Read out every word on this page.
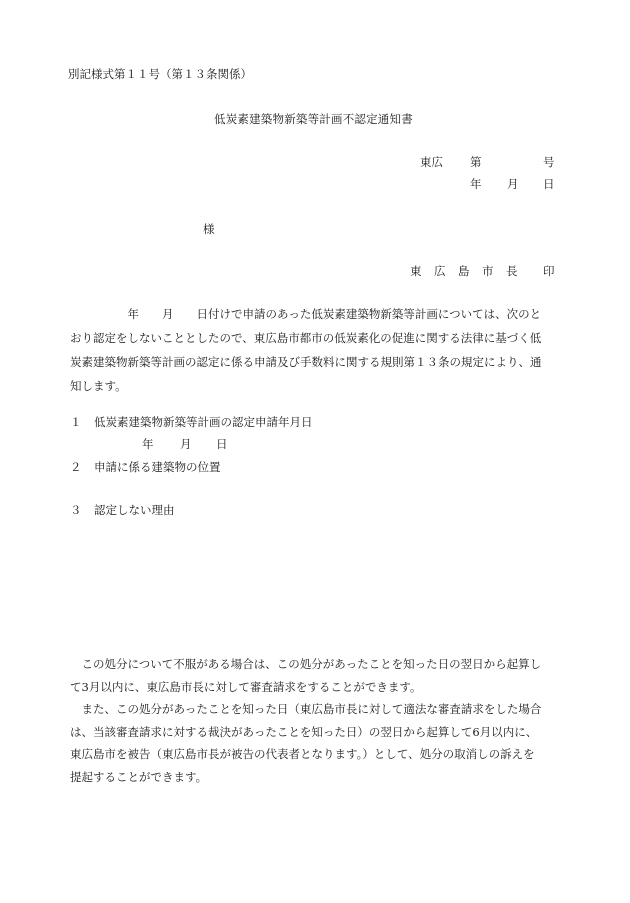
別記様式第１１号（第１３条関係）
低炭素建築物新築等計画不認定通知書
東広 第	号
年 月 日
様
東 広 島 市 長 印
　　　　　年　　月　　日付けで申請のあった低炭素建築物新築等計画については、次のと
おり認定をしないこととしたので、東広島市都市の低炭素化の促進に関する法律に基づく低
炭素建築物新築等計画の認定に係る申請及び手数料に関する規則第１３条の規定により、通
知します。
１ 低炭素建築物新築等計画の認定申請年月日
年 月 日
２ 申請に係る建築物の位置
３ 認定しない理由
　この処分について不服がある場合は、この処分があったことを知った日の翌日から起算し
て3月以内に、東広島市長に対して審査請求をすることができます。
　また、この処分があったことを知った日（東広島市長に対して適法な審査請求をした場合
は、当該審査請求に対する裁決があったことを知った日）の翌日から起算して6月以内に、
東広島市を被告（東広島市長が被告の代表者となります。）として、処分の取消しの訴えを
提起することができます。
